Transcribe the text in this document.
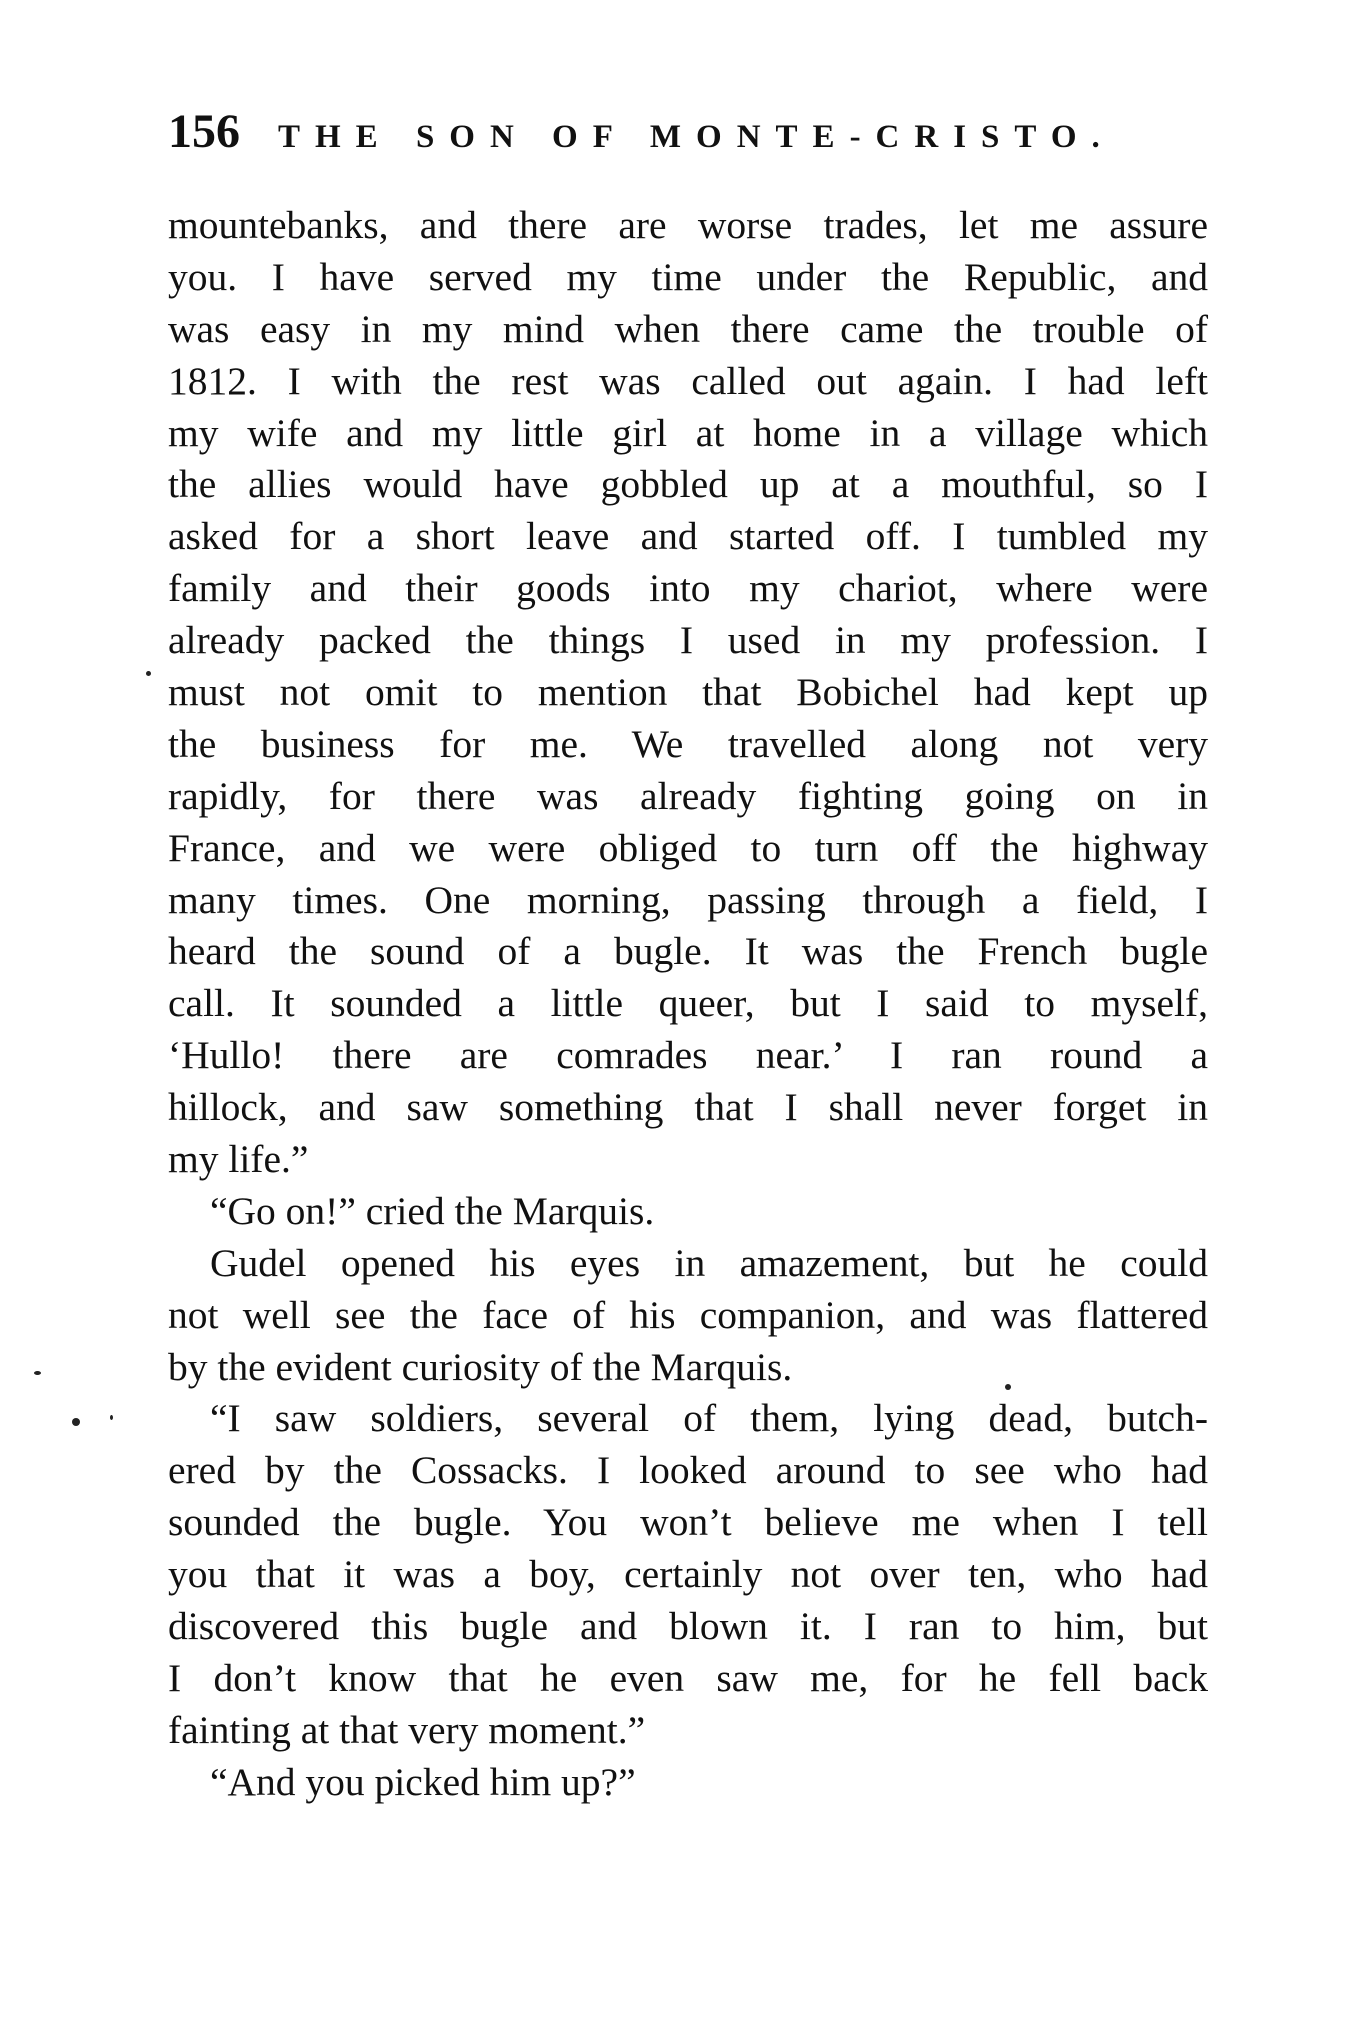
156 THE SON OF MONTE-CRISTO.
mountebanks, and there are worse trades, let me assure
you. I have served my time under the Republic, and
was easy in my mind when there came the trouble of
1812. I with the rest was called out again. I had left
my wife and my little girl at home in a village which
the allies would have gobbled up at a mouthful, so I
asked for a short leave and started off. I tumbled my
family and their goods into my chariot, where were
already packed the things I used in my profession. I
must not omit to mention that Bobichel had kept up
the business for me. We travelled along not very
rapidly, for there was already fighting going on in
France, and we were obliged to turn off the highway
many times. One morning, passing through a field, I
heard the sound of a bugle. It was the French bugle
call. It sounded a little queer, but I said to myself,
‘Hullo! there are comrades near.’ I ran round a
hillock, and saw something that I shall never forget in
my life.”
“Go on!” cried the Marquis.
Gudel opened his eyes in amazement, but he could
not well see the face of his companion, and was flattered
by the evident curiosity of the Marquis.
“I saw soldiers, several of them, lying dead, butch-
ered by the Cossacks. I looked around to see who had
sounded the bugle. You won’t believe me when I tell
you that it was a boy, certainly not over ten, who had
discovered this bugle and blown it. I ran to him, but
I don’t know that he even saw me, for he fell back
fainting at that very moment.”
“And you picked him up?”
